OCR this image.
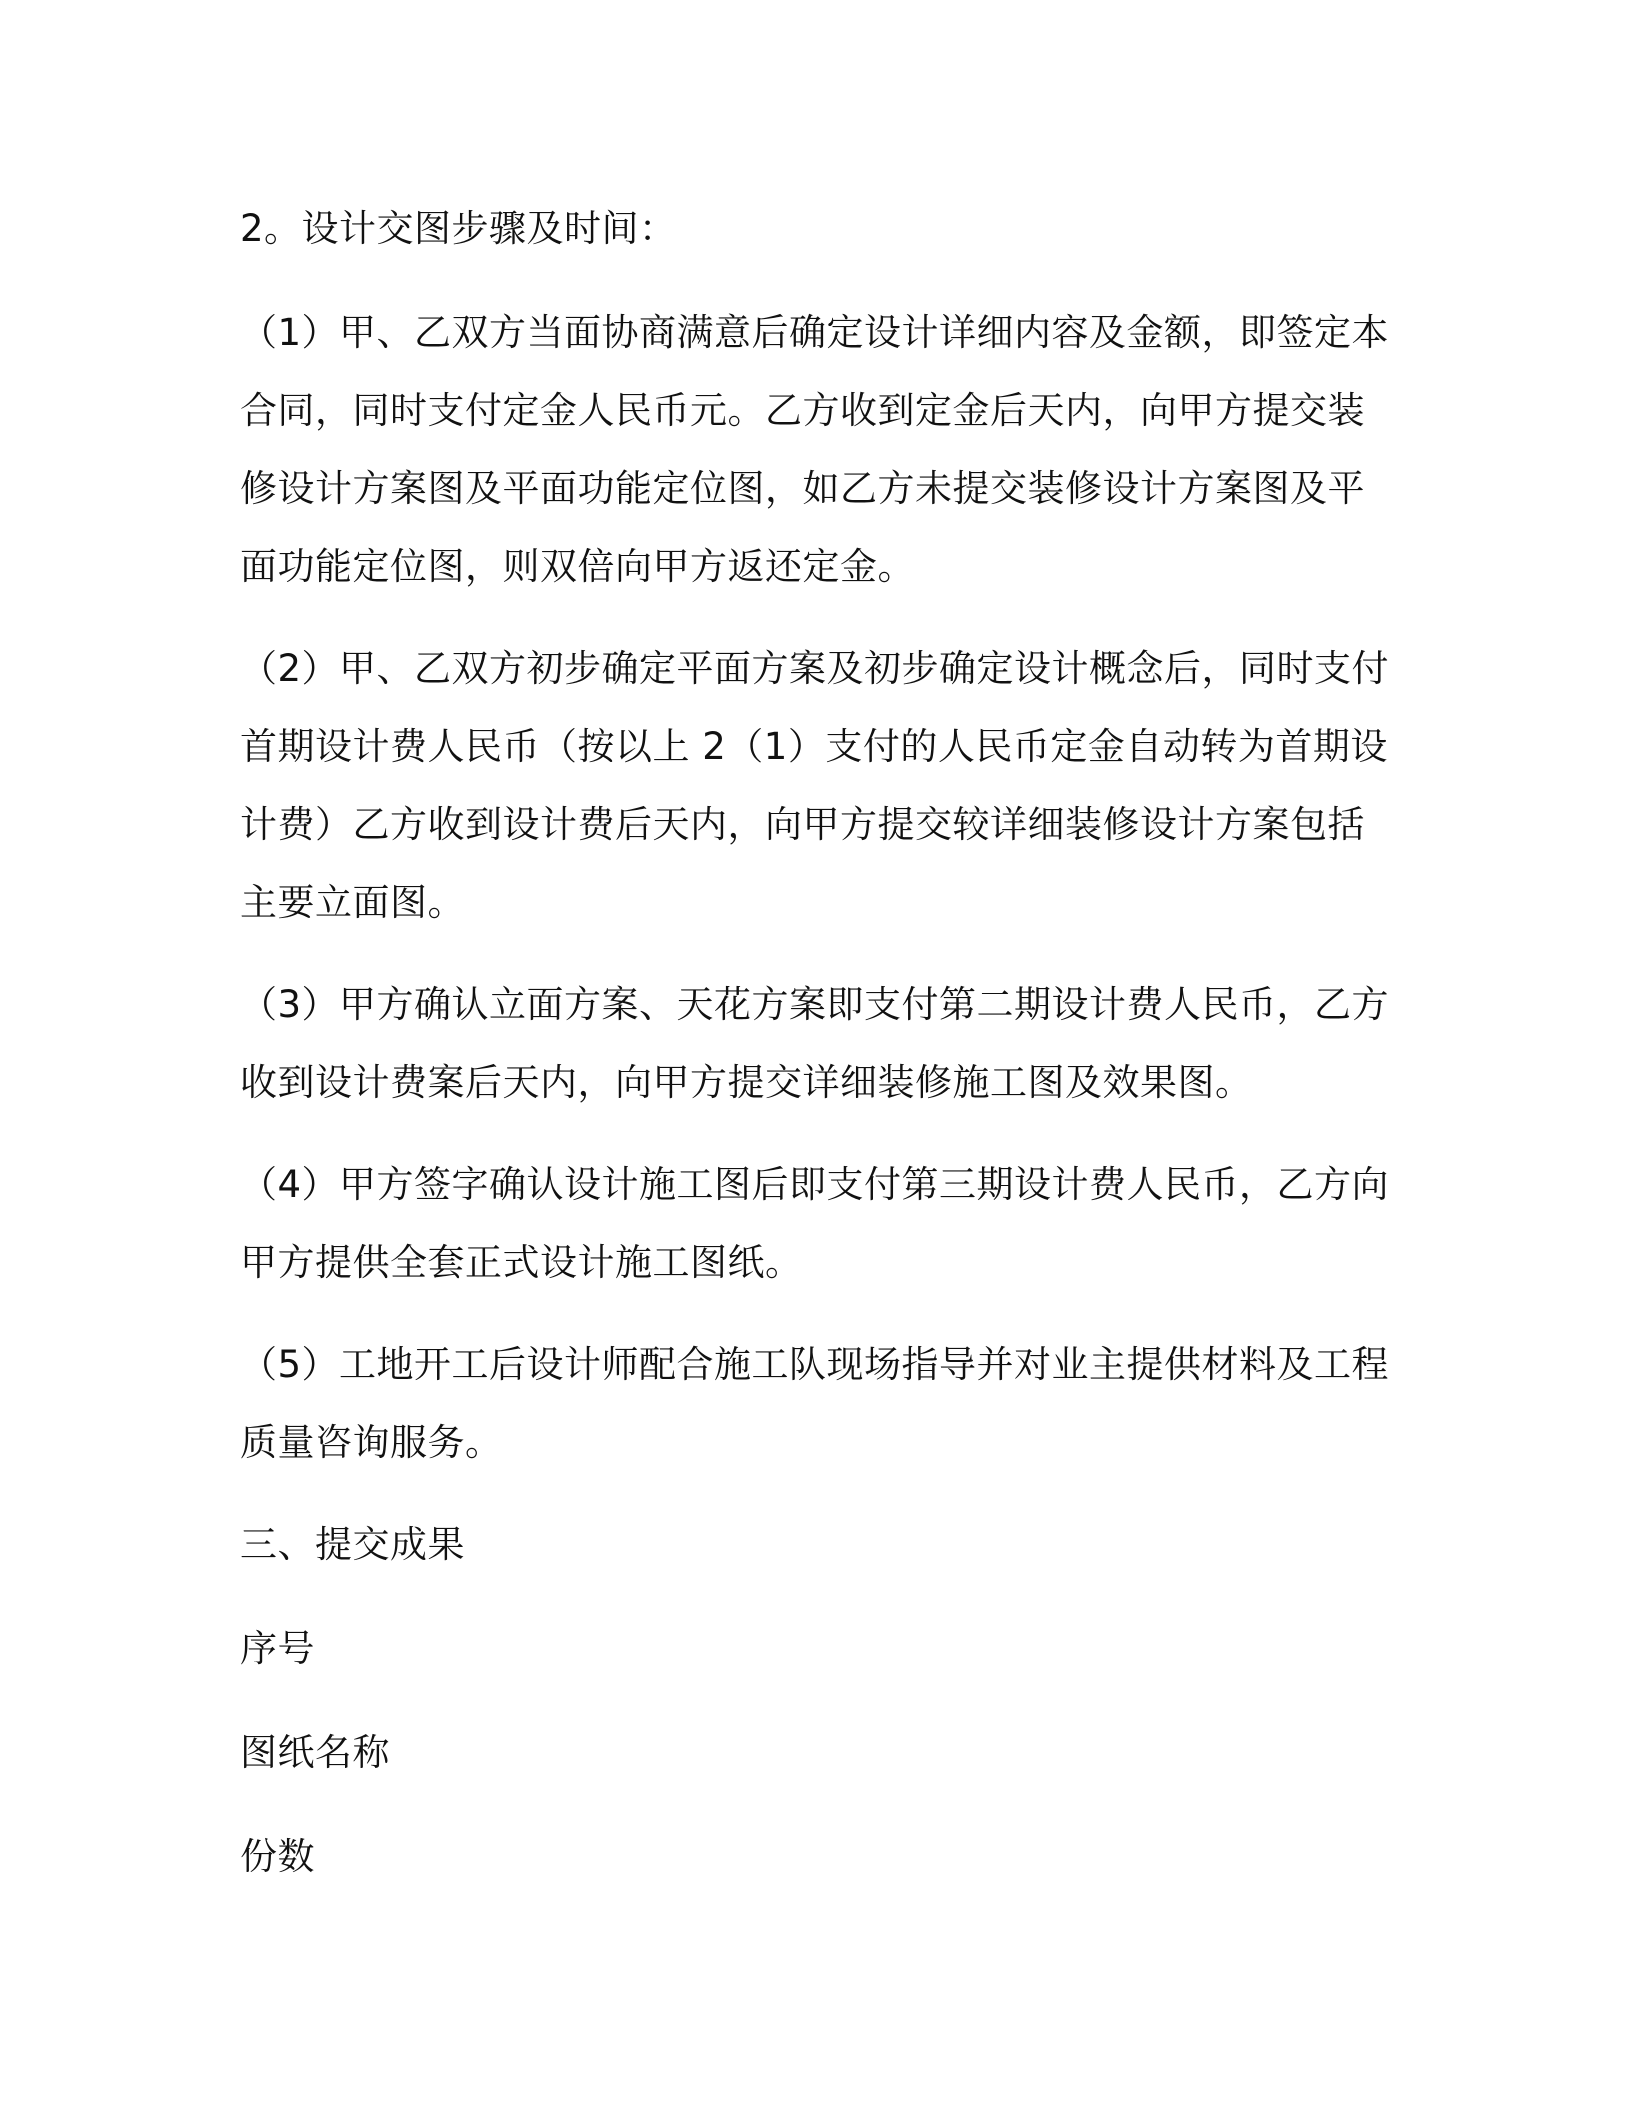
2。设计交图步骤及时间：
（1）甲、乙双方当面协商满意后确定设计详细内容及金额，即签定本
合同，同时支付定金人民币元。乙方收到定金后天内，向甲方提交装
修设计方案图及平面功能定位图，如乙方未提交装修设计方案图及平
面功能定位图，则双倍向甲方返还定金。
（2）甲、乙双方初步确定平面方案及初步确定设计概念后，同时支付
首期设计费人民币（按以上 2（1）支付的人民币定金自动转为首期设
计费）乙方收到设计费后天内，向甲方提交较详细装修设计方案包括
主要立面图。
（3）甲方确认立面方案、天花方案即支付第二期设计费人民币，乙方
收到设计费案后天内，向甲方提交详细装修施工图及效果图。
（4）甲方签字确认设计施工图后即支付第三期设计费人民币，乙方向
甲方提供全套正式设计施工图纸。
（5）工地开工后设计师配合施工队现场指导并对业主提供材料及工程
质量咨询服务。
三、提交成果
序号
图纸名称
份数
